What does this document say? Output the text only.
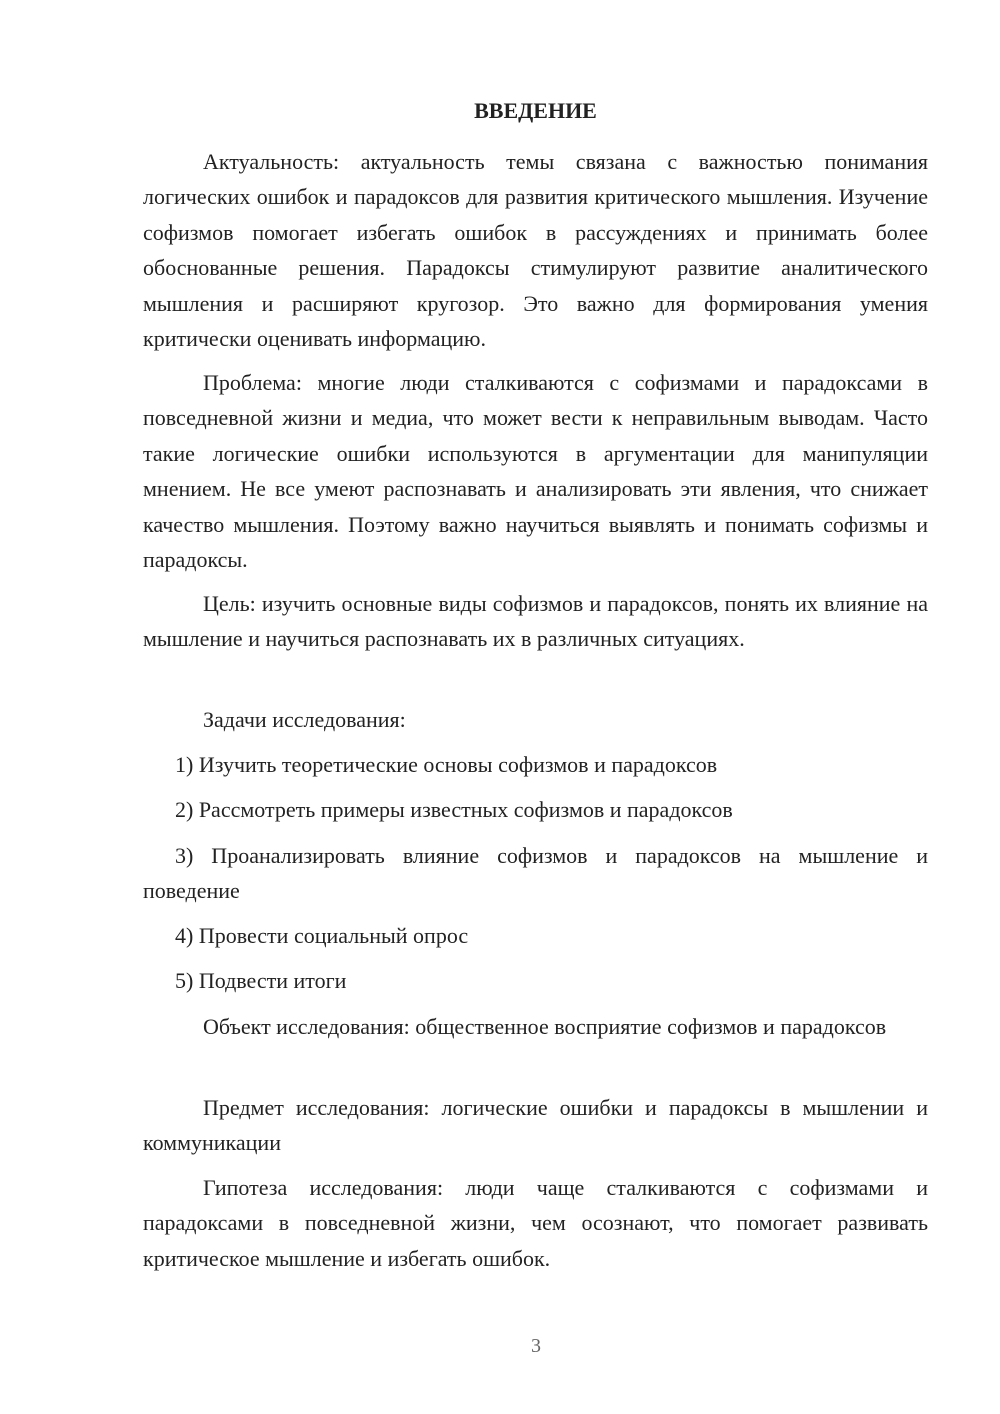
ВВЕДЕНИЕ

Актуальность: актуальность темы связана с важностью понимания логических ошибок и парадоксов для развития критического мышления. Изучение софизмов помогает избегать ошибок в рассуждениях и принимать более обоснованные решения. Парадоксы стимулируют развитие аналитического мышления и расширяют кругозор. Это важно для формирования умения критически оценивать информацию.

Проблема: многие люди сталкиваются с софизмами и парадоксами в повседневной жизни и медиа, что может вести к неправильным выводам. Часто такие логические ошибки используются в аргументации для манипуляции мнением. Не все умеют распознавать и анализировать эти явления, что снижает качество мышления. Поэтому важно научиться выявлять и понимать софизмы и парадоксы.

Цель: изучить основные виды софизмов и парадоксов, понять их влияние на мышление и научиться распознавать их в различных ситуациях.

Задачи исследования:

1) Изучить теоретические основы софизмов и парадоксов

2) Рассмотреть примеры известных софизмов и парадоксов

3) Проанализировать влияние софизмов и парадоксов на мышление и поведение

4) Провести социальный опрос

5) Подвести итоги

Объект исследования: общественное восприятие софизмов и парадоксов

Предмет исследования: логические ошибки и парадоксы в мышлении и коммуникации

Гипотеза исследования: люди чаще сталкиваются с софизмами и парадоксами в повседневной жизни, чем осознают, что помогает развивать критическое мышление и избегать ошибок.

3
